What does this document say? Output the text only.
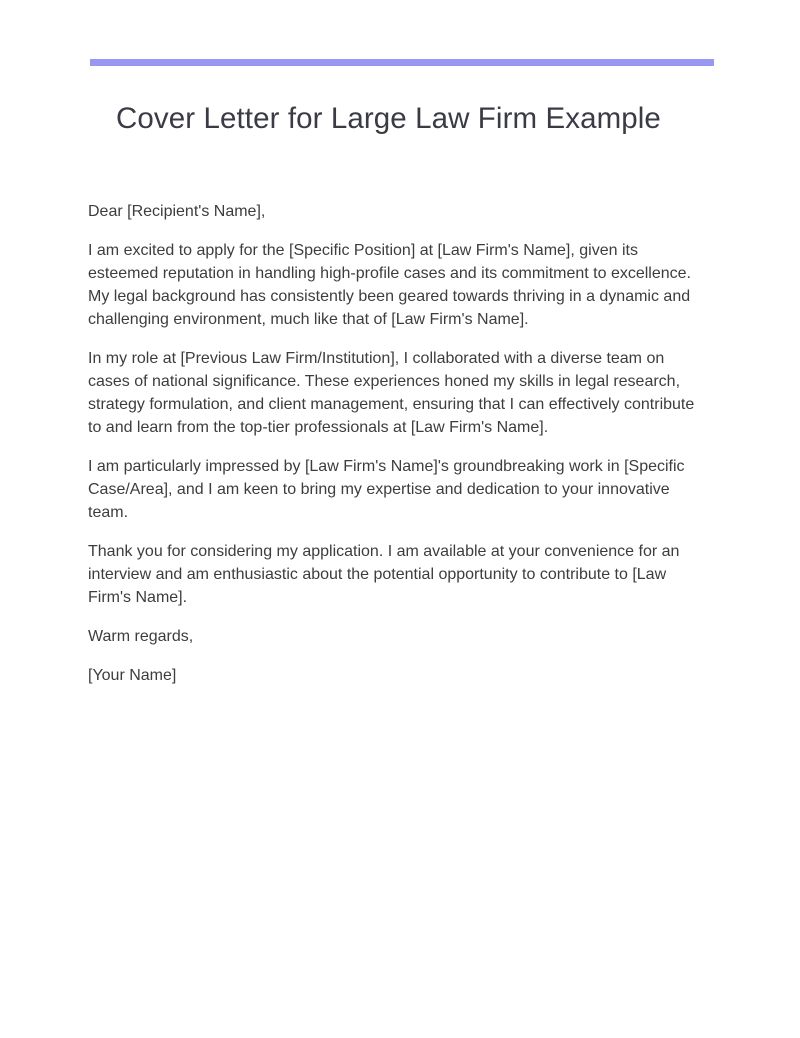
Cover Letter for Large Law Firm Example

Dear [Recipient's Name],

I am excited to apply for the [Specific Position] at [Law Firm's Name], given its esteemed reputation in handling high-profile cases and its commitment to excellence. My legal background has consistently been geared towards thriving in a dynamic and challenging environment, much like that of [Law Firm's Name].

In my role at [Previous Law Firm/Institution], I collaborated with a diverse team on cases of national significance. These experiences honed my skills in legal research, strategy formulation, and client management, ensuring that I can effectively contribute to and learn from the top-tier professionals at [Law Firm's Name].

I am particularly impressed by [Law Firm's Name]'s groundbreaking work in [Specific Case/Area], and I am keen to bring my expertise and dedication to your innovative team.

Thank you for considering my application. I am available at your convenience for an interview and am enthusiastic about the potential opportunity to contribute to [Law Firm's Name].

Warm regards,

[Your Name]
